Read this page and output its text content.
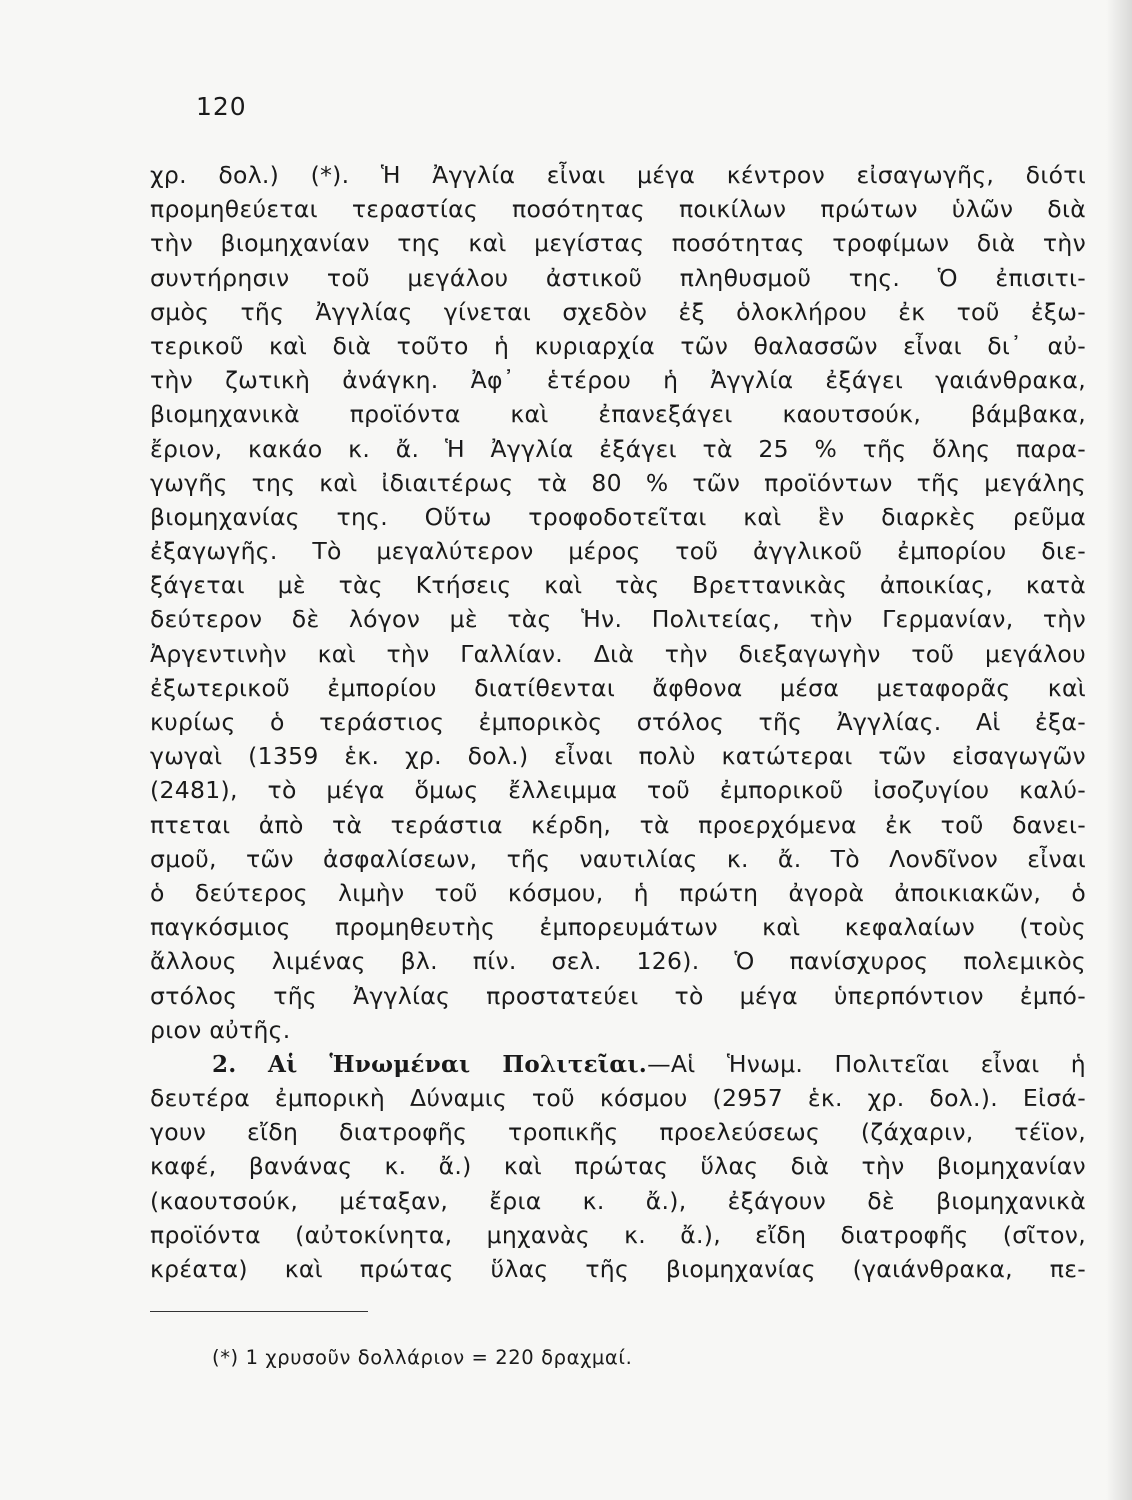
120
χρ. δολ.) (*). Ἡ Ἀγγλία εἶναι μέγα κέντρον εἰσαγωγῆς, διότι
προμηθεύεται τεραστίας ποσότητας ποικίλων πρώτων ὑλῶν διὰ
τὴν βιομηχανίαν της καὶ μεγίστας ποσότητας τροφίμων διὰ τὴν
συντήρησιν τοῦ μεγάλου ἀστικοῦ πληθυσμοῦ της. Ὁ ἐπισιτι-
σμὸς τῆς Ἀγγλίας γίνεται σχεδὸν ἐξ ὁλοκλήρου ἐκ τοῦ ἐξω-
τερικοῦ καὶ διὰ τοῦτο ἡ κυριαρχία τῶν θαλασσῶν εἶναι δι᾽ αὐ-
τὴν ζωτικὴ ἀνάγκη. Ἀφ᾽ ἑτέρου ἡ Ἀγγλία ἐξάγει γαιάνθρακα,
βιομηχανικὰ προϊόντα καὶ ἐπανεξάγει καουτσούκ, βάμβακα,
ἔριον, κακάο κ. ἄ. Ἡ Ἀγγλία ἐξάγει τὰ 25 % τῆς ὅλης παρα-
γωγῆς της καὶ ἰδιαιτέρως τὰ 80 % τῶν προϊόντων τῆς μεγάλης
βιομηχανίας της. Οὕτω τροφοδοτεῖται καὶ ἓν διαρκὲς ρεῦμα
ἐξαγωγῆς. Τὸ μεγαλύτερον μέρος τοῦ ἀγγλικοῦ ἐμπορίου διε-
ξάγεται μὲ τὰς Κτήσεις καὶ τὰς Βρεττανικὰς ἀποικίας, κατὰ
δεύτερον δὲ λόγον μὲ τὰς Ἡν. Πολιτείας, τὴν Γερμανίαν, τὴν
Ἀργεντινὴν καὶ τὴν Γαλλίαν. Διὰ τὴν διεξαγωγὴν τοῦ μεγάλου
ἐξωτερικοῦ ἐμπορίου διατίθενται ἄφθονα μέσα μεταφορᾶς καὶ
κυρίως ὁ τεράστιος ἐμπορικὸς στόλος τῆς Ἀγγλίας. Αἱ ἐξα-
γωγαὶ (1359 ἑκ. χρ. δολ.) εἶναι πολὺ κατώτεραι τῶν εἰσαγωγῶν
(2481), τὸ μέγα ὅμως ἔλλειμμα τοῦ ἐμπορικοῦ ἰσοζυγίου καλύ-
πτεται ἀπὸ τὰ τεράστια κέρδη, τὰ προερχόμενα ἐκ τοῦ δανει-
σμοῦ, τῶν ἀσφαλίσεων, τῆς ναυτιλίας κ. ἄ. Τὸ Λονδῖνον εἶναι
ὁ δεύτερος λιμὴν τοῦ κόσμου, ἡ πρώτη ἀγορὰ ἀποικιακῶν, ὁ
παγκόσμιος προμηθευτὴς ἐμπορευμάτων καὶ κεφαλαίων (τοὺς
ἄλλους λιμένας βλ. πίν. σελ. 126). Ὁ πανίσχυρος πολεμικὸς
στόλος τῆς Ἀγγλίας προστατεύει τὸ μέγα ὑπερπόντιον ἐμπό-
ριον αὐτῆς.
2. Αἱ Ἡνωμέναι Πολιτεῖαι.—Αἱ Ἡνωμ. Πολιτεῖαι εἶναι ἡ
δευτέρα ἐμπορικὴ Δύναμις τοῦ κόσμου (2957 ἑκ. χρ. δολ.). Εἰσά-
γουν εἴδη διατροφῆς τροπικῆς προελεύσεως (ζάχαριν, τέϊον,
καφέ, βανάνας κ. ἄ.) καὶ πρώτας ὕλας διὰ τὴν βιομηχανίαν
(καουτσούκ, μέταξαν, ἔρια κ. ἄ.), ἐξάγουν δὲ βιομηχανικὰ
προϊόντα (αὐτοκίνητα, μηχανὰς κ. ἄ.), εἴδη διατροφῆς (σῖτον,
κρέατα) καὶ πρώτας ὕλας τῆς βιομηχανίας (γαιάνθρακα, πε-
(*) 1 χρυσοῦν δολλάριον = 220 δραχμαί.
